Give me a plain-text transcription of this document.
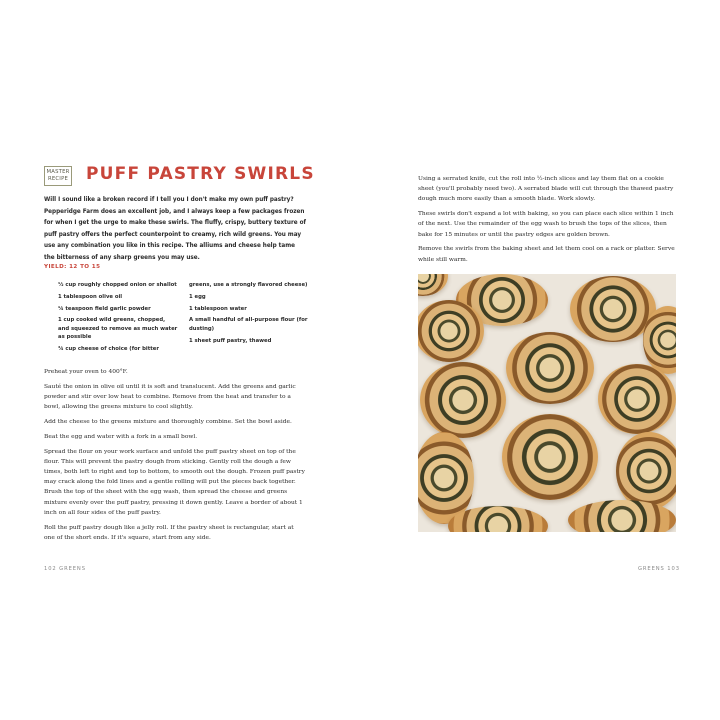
MASTER
RECIPE PUFF PASTRY SWIRLS
Will I sound like a broken record if I tell you I don't make my own puff pastry? Pepperidge Farm does an excellent job, and I always keep a few packages frozen for when I get the urge to make these swirls. The fluffy, crispy, buttery texture of puff pastry offers the perfect counterpoint to creamy, rich wild greens. You may use any combination you like in this recipe. The alliums and cheese help tame the bitterness of any sharp greens you may use.
YIELD: 12 TO 15
½ cup roughly chopped onion or shallot
1 tablespoon olive oil
¼ teaspoon field garlic powder
1 cup cooked wild greens, chopped, and squeezed to remove as much water as possible
¾ cup cheese of choice (for bitter
greens, use a strongly flavored cheese)
1 egg
1 tablespoon water
A small handful of all-purpose flour (for dusting)
1 sheet puff pastry, thawed

Preheat your oven to 400°F.

Sauté the onion in olive oil until it is soft and translucent. Add the greens and garlic powder and stir over low heat to combine. Remove from the heat and transfer to a bowl, allowing the greens mixture to cool slightly.

Add the cheese to the greens mixture and thoroughly combine. Set the bowl aside.

Beat the egg and water with a fork in a small bowl.

Spread the flour on your work surface and unfold the puff pastry sheet on top of the flour. This will prevent the pastry dough from sticking. Gently roll the dough a few times, both left to right and top to bottom, to smooth out the dough. Frozen puff pastry may crack along the fold lines and a gentle rolling will put the pieces back together. Brush the top of the sheet with the egg wash, then spread the cheese and greens mixture evenly over the puff pastry, pressing it down gently. Leave a border of about 1 inch on all four sides of the puff pastry.

Roll the puff pastry dough like a jelly roll. If the pastry sheet is rectangular, start at one of the short ends. If it's square, start from any side.

102 GREENS

Using a serrated knife, cut the roll into ½-inch slices and lay them flat on a cookie sheet (you'll probably need two). A serrated blade will cut through the thawed pastry dough much more easily than a smooth blade. Work slowly.

These swirls don't expand a lot with baking, so you can place each slice within 1 inch of the next. Use the remainder of the egg wash to brush the tops of the slices, then bake for 15 minutes or until the pastry edges are golden brown.

Remove the swirls from the baking sheet and let them cool on a rack or platter. Serve while still warm.

GREENS 103
